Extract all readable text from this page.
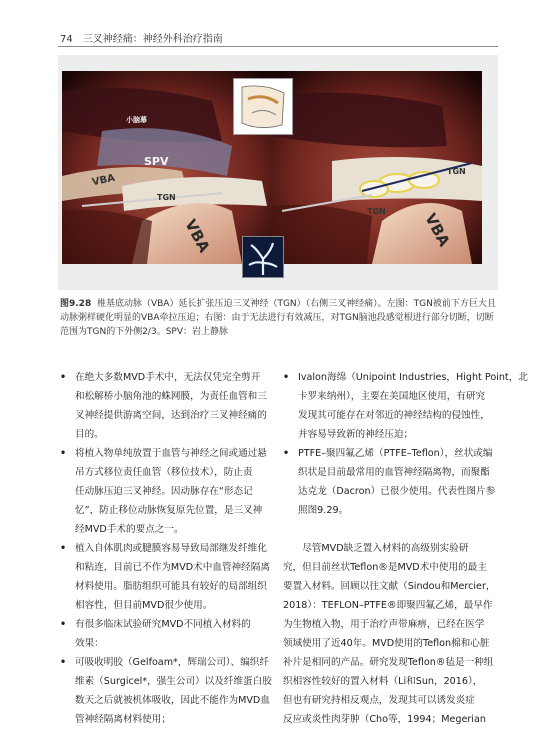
74 三叉神经痛：神经外科治疗指南
小脑幕
SPV
VBA
TGN
VBA
TGN
TGN VBA
图9.28 椎基底动脉（VBA）延长扩张压迫三叉神经（TGN）（右侧三叉神经痛）。左图：TGN被前下方巨大且动脉粥样硬化明显的VBA牵拉压迫；右图：由于无法进行有效减压，对TGN脑池段感觉根进行部分切断，切断范围为TGN的下外侧2/3。SPV：岩上静脉
• 在绝大多数MVD手术中，无法仅凭完全剪开
和松解桥小脑角池的蛛网膜，为责任血管和三
叉神经提供游离空间，达到治疗三叉神经痛的
目的。
• 将植入物单纯放置于血管与神经之间或通过悬
吊方式移位责任血管（移位技术），防止责
任动脉压迫三叉神经。因动脉存在“形态记
忆”，防止移位动脉恢复原先位置，是三叉神
经MVD手术的要点之一。
• 植入自体肌肉或腱膜容易导致局部继发纤维化
和粘连，目前已不作为MVD术中血管神经隔离
材料使用。脂肪组织可能具有较好的局部组织
相容性，但目前MVD很少使用。
• 有很多临床试验研究MVD不同植入材料的
效果：
• 可吸收明胶（Gelfoam*，辉瑞公司）、编织纤
维素（Surgicel*，强生公司）以及纤维蛋白胶
数天之后就被机体吸收，因此不能作为MVD血
管神经隔离材料使用；
• Ivalon海绵（Unipoint Industries，Hight Point，北
卡罗来纳州），主要在美国地区使用，有研究
发现其可能存在对邻近的神经结构的侵蚀性，
并容易导致新的神经压迫；
• PTFE–聚四氟乙烯（PTFE–Teflon），丝状或编
织状是目前最常用的血管神经隔离物，而聚酯
达克龙（Dacron）已很少使用。代表性图片参
照图9.29。
尽管MVD缺乏置入材料的高级别实验研
究，但目前丝状Teflon®是MVD术中使用的最主
要置入材料。回顾以往文献（Sindou和Mercier，
2018）：TEFLON–PTFE®即聚四氟乙烯，最早作
为生物植入物，用于治疗声带麻痹，已经在医学
领域使用了近40年。MVD使用的Teflon棉和心脏
补片是相同的产品。研究发现Teflon®毡是一种组
织相容性较好的置入材料（Li和Sun，2016），
但也有研究持相反观点，发现其可以诱发炎症
反应或炎性肉芽肿（Cho等，1994；Megerian
